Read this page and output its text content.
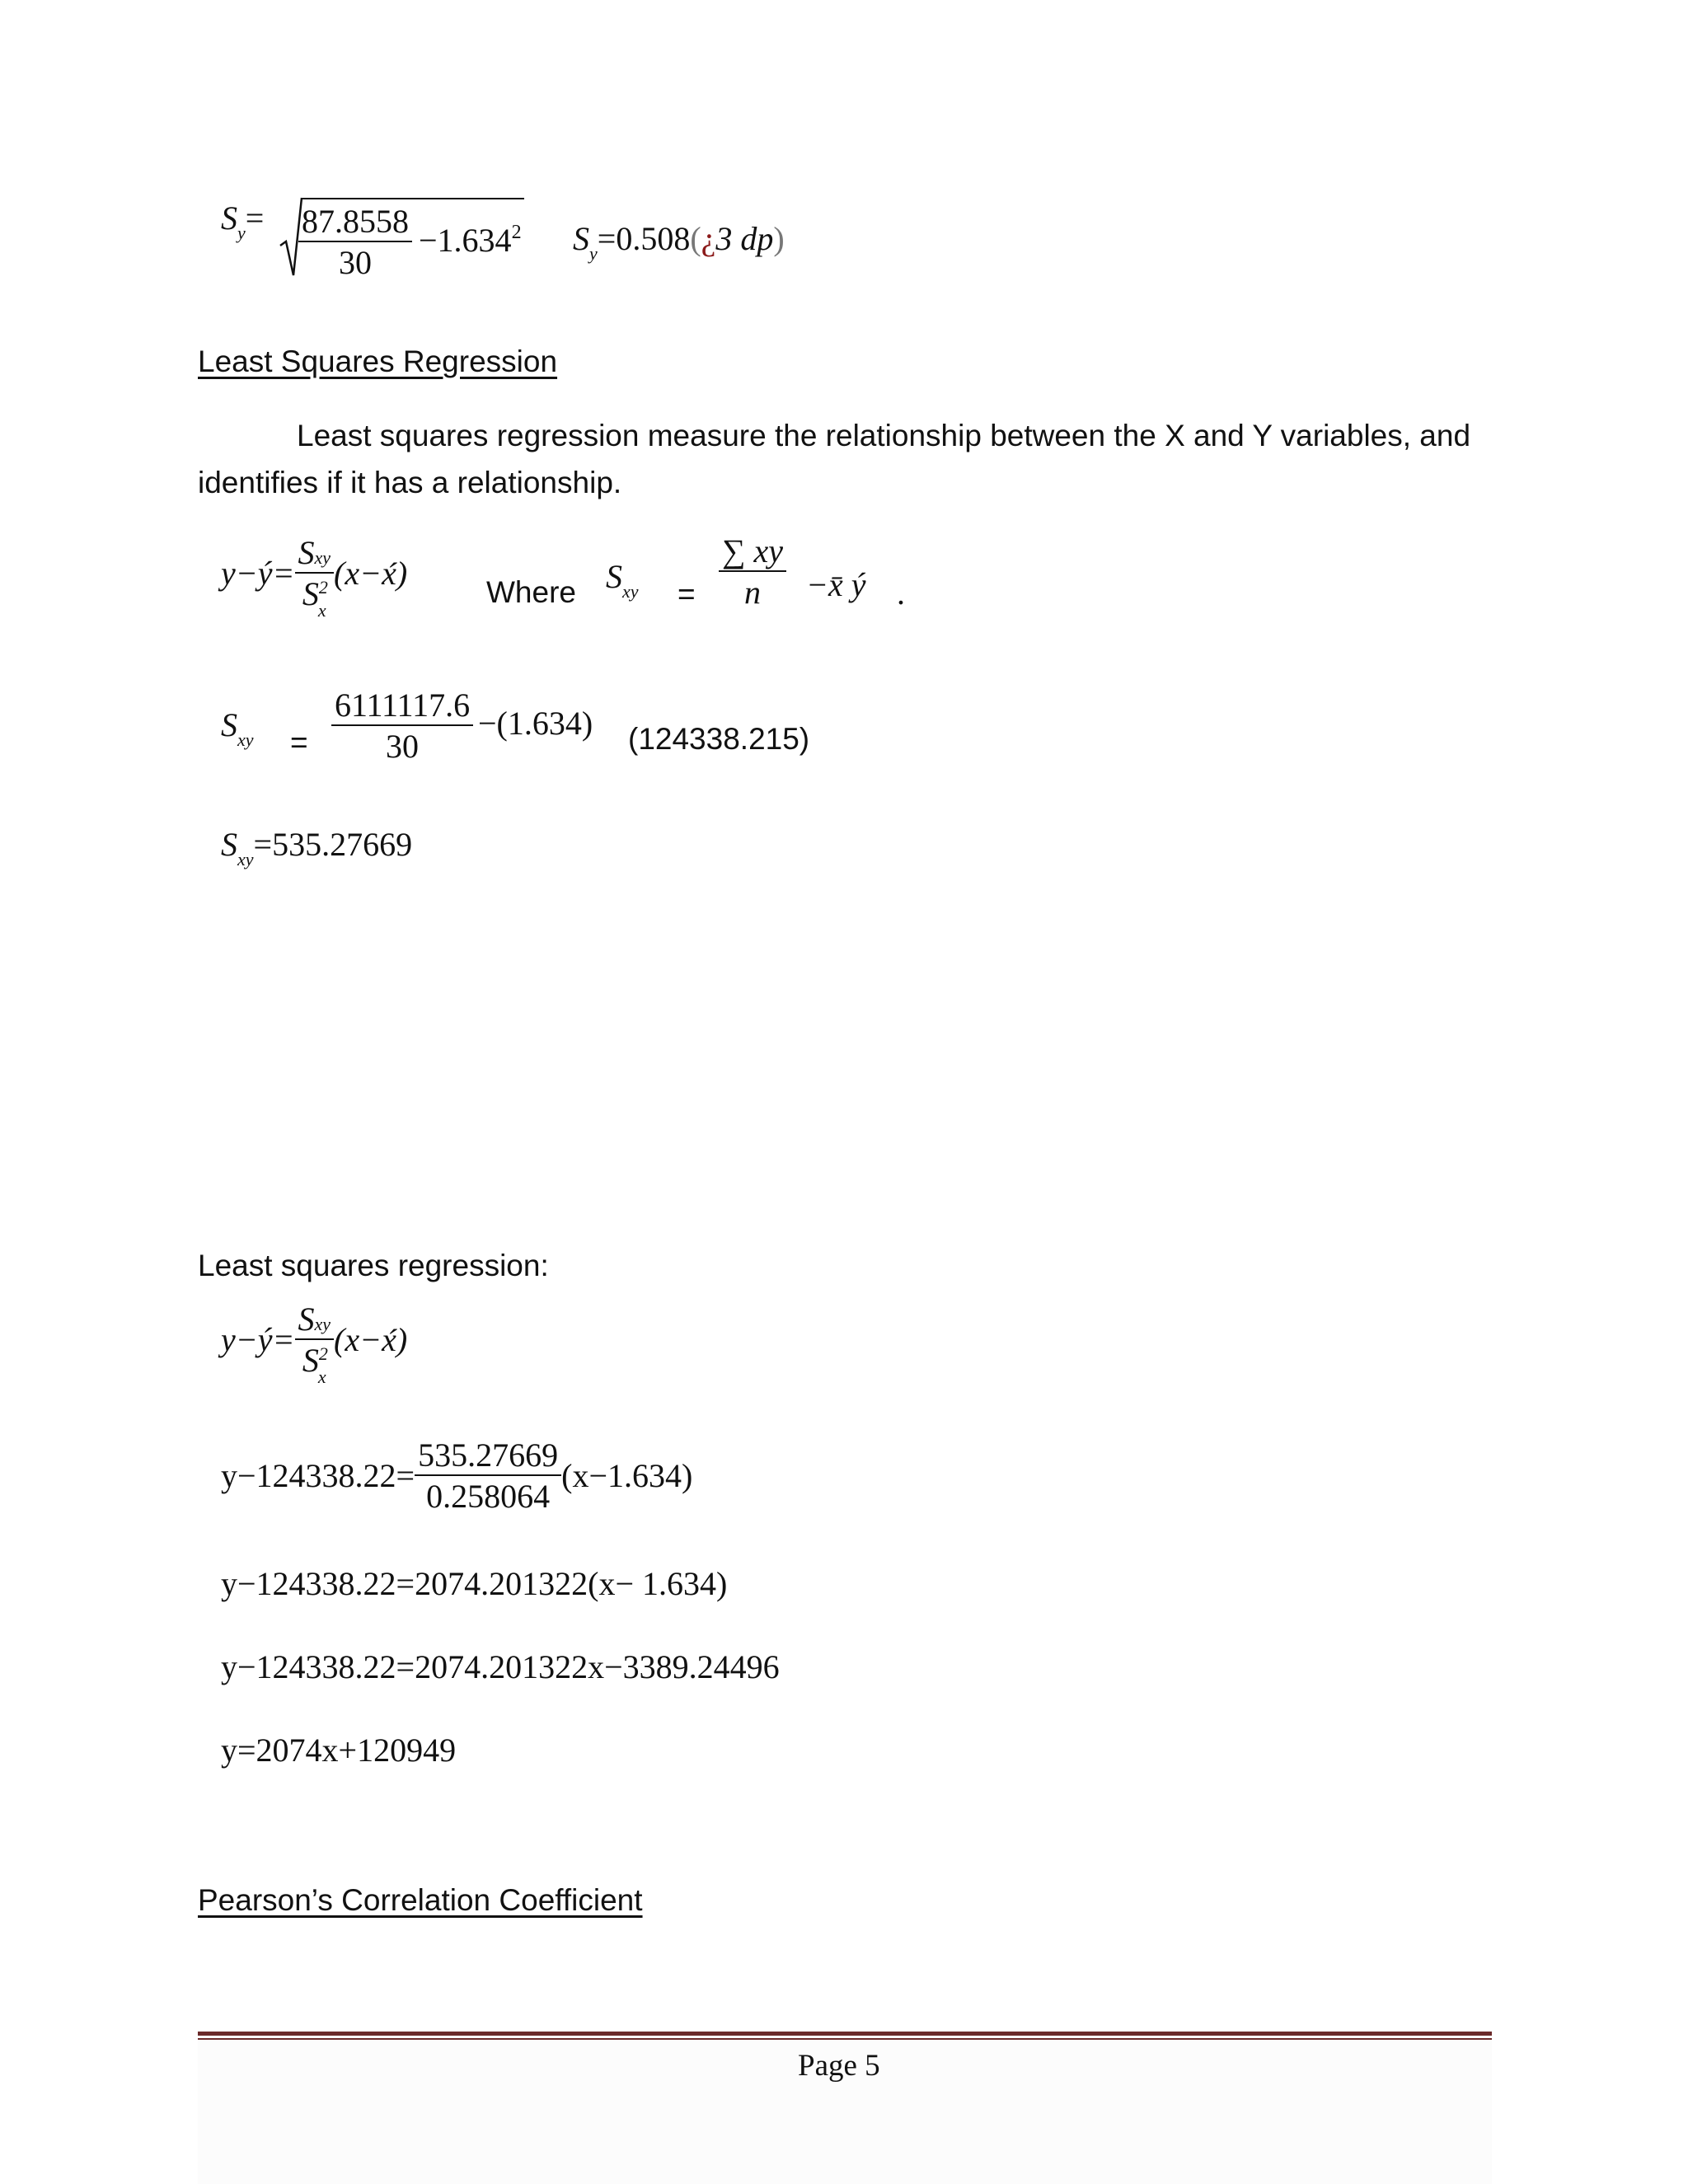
$S_y= \frac{87.8558}{30} -1.634^2$ $S_y=0.508(¿3$ dp)
Least Squares Regression
Least squares regression measure the relationship between the X and Y variables, and
identifies if it has a relationship.
y−ý= $\frac{\text{Sxy}}{S^2_x}$ (x−x́)
Where $S_{xy} = \frac{\sum xy}{n}$ −x̄ ý .
$S_{xy} = \frac{6111117.6}{30} -(1.634)$ (124338.215)
$S_{xy}=535.27669$
Least squares regression:
y−ý= $\frac{\text{Sxy}}{S^2_x}$ (x−x́)
$y-124338.22= \frac{535.27669}{0.258064} (x-1.634)$
y−124338.22=2074.201322(x− 1.634)
y−124338.22=2074.201322x−3389.24496
y=2074x+120949
Pearson’s Correlation Coefficient
Page 5
